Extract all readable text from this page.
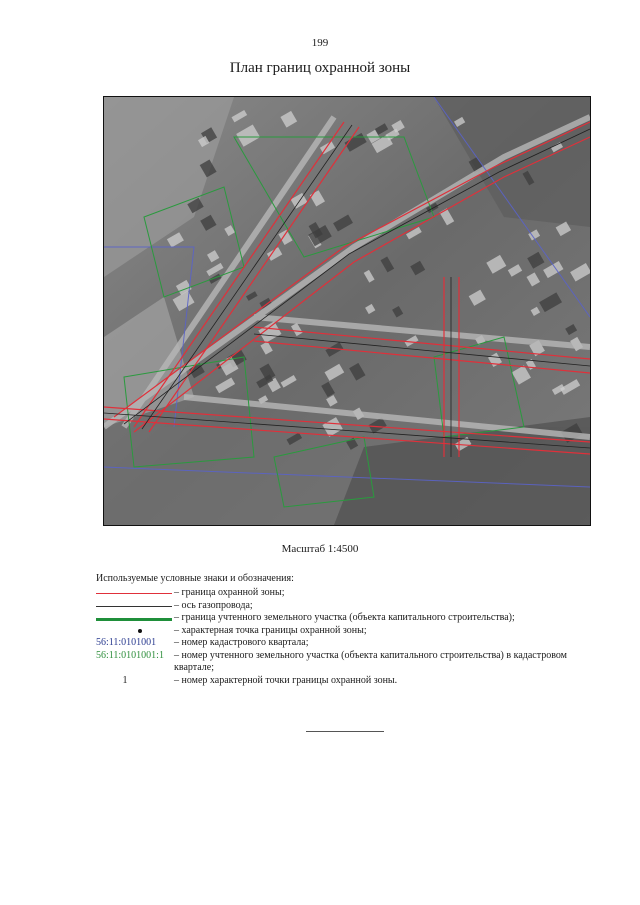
199
План границ охранной зоны
Масштаб 1:4500
Используемые условные знаки и обозначения:
– граница охранной зоны;
– ось газопровода;
– граница учтенного земельного участка (объекта капитального строительства);
– характерная точка границы охранной зоны;
56:11:0101001	– номер кадастрового квартала;
56:11:0101001:1	– номер учтенного земельного участка (объекта капитального строительства) в кадастровом квартале;
1	– номер характерной точки границы охранной зоны.
